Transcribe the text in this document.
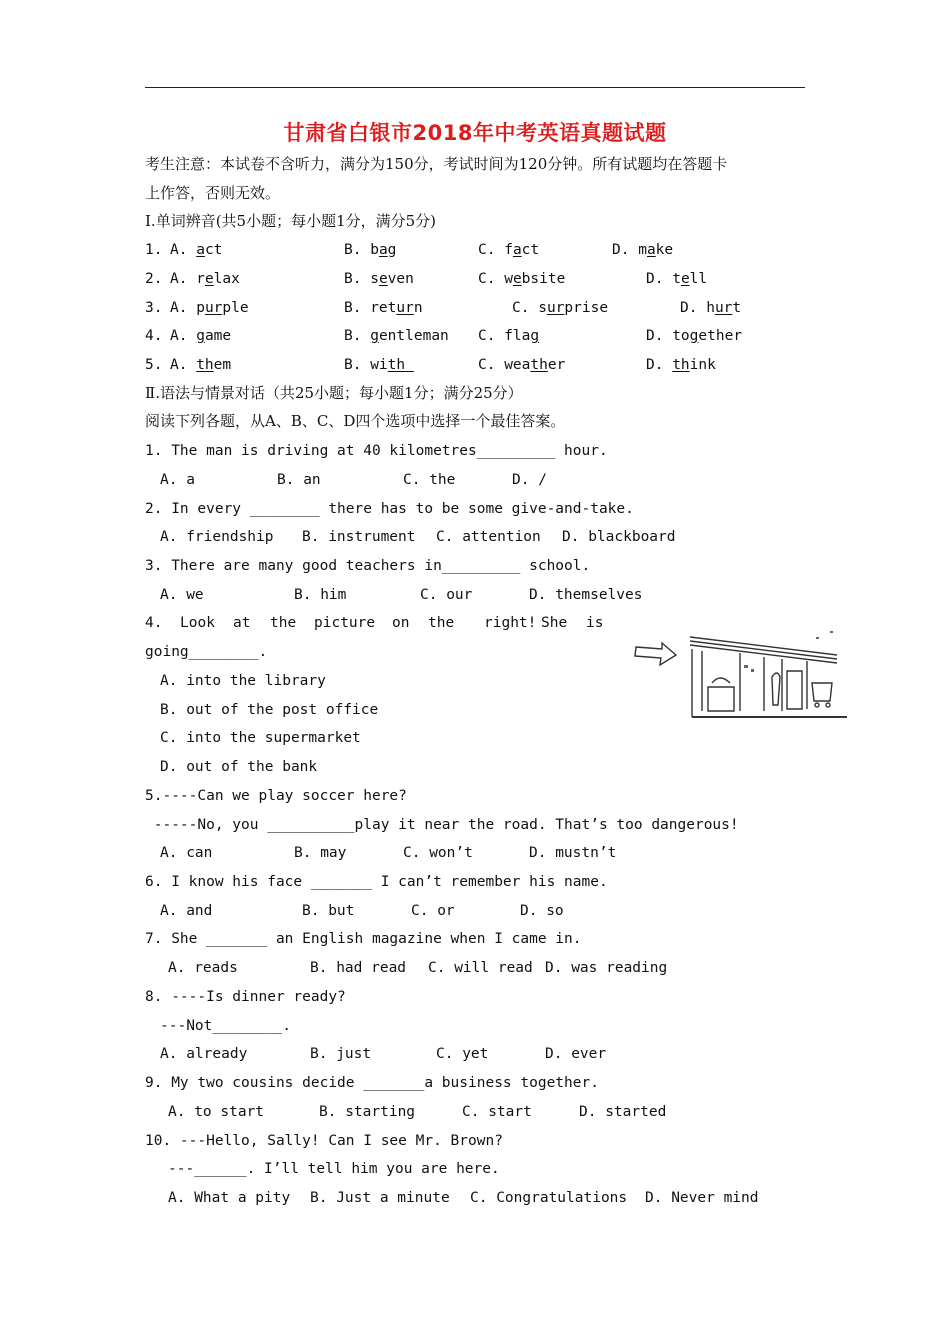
甘肃省白银市2018年中考英语真题试题
考生注意：本试卷不含听力，满分为150分，考试时间为120分钟。所有试题均在答题卡
上作答，否则无效。
I.单词辨音(共5小题；每小题1分，满分5分)
1. A. act	B. bag	C. fact	D. make
2. A. relax	B. seven	C. website	D. tell
3. A. purple	B. return	C. surprise	D. hurt
4. A. game	B. gentleman C. flag	D. together
5. A. them	B. with	C. weather	D. think
Ⅱ.语法与情景对话（共25小题；每小题1分；满分25分）
阅读下列各题，从A、B、C、D四个选项中选择一个最佳答案。
1. The man is driving at 40 kilometres_________ hour.
A. a	B. an	C. the	D. /
2. In every ________ there has to be some give-and-take.
A. friendship B. instrument C. attention D. blackboard
3. There are many good teachers in_________ school.
A. we	B. him	C. our	D. themselves
4. Look at the picture on the right! She is
going________.
A. into the library
B. out of the post office
C. into the supermarket
D. out of the bank
5.----Can we play soccer here?
-----No, you __________play it near the road. That’s too dangerous!
A. can	B. may	C. won’t	D. mustn’t
6. I know his face _______ I can’t remember his name.
A. and	B. but	C. or	D. so
7. She _______ an English magazine when I came in.
A. reads	B. had read C. will read D. was reading
8. ----Is dinner ready?
---Not________.
A. already	B. just	C. yet	D. ever
9. My two cousins decide _______a business together.
A. to start	B. starting	C. start	D. started
10. ---Hello, Sally! Can I see Mr. Brown?
---______. I’ll tell him you are here.
A. What a pity B. Just a minute C. Congratulations D. Never mind
